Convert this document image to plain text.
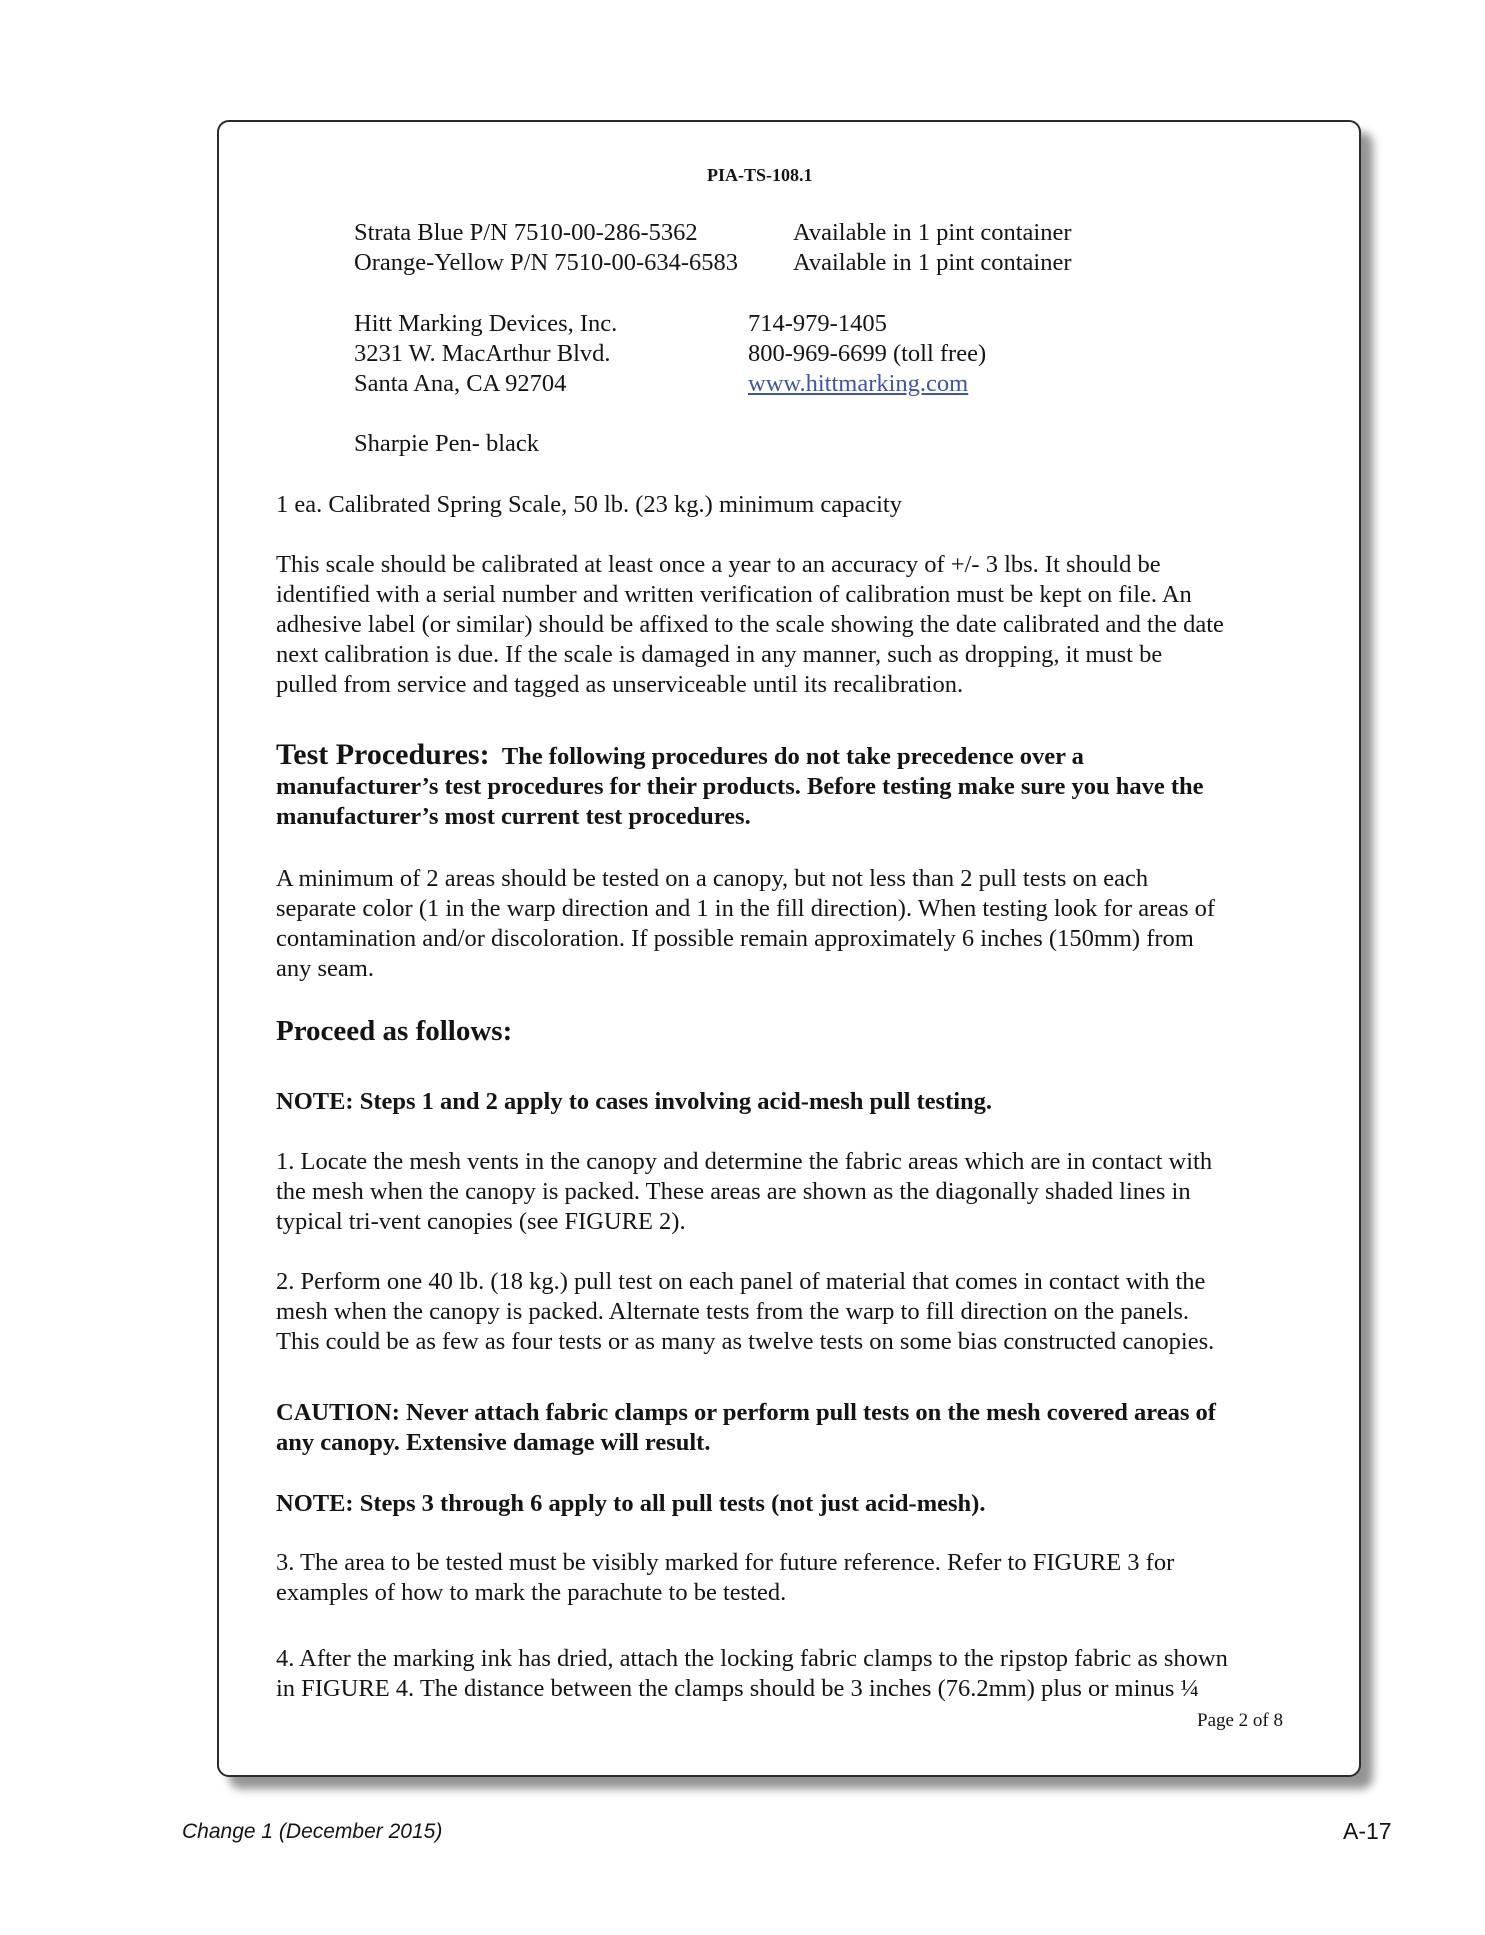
PIA-TS-108.1
Strata Blue P/N 7510-00-286-5362	Available in 1 pint container
Orange-Yellow P/N 7510-00-634-6583 Available in 1 pint container
Hitt Marking Devices, Inc.
3231 W. MacArthur Blvd.
Santa Ana, CA 92704
714-979-1405
800-969-6699 (toll free)
www.hittmarking.com
Sharpie Pen- black
1 ea. Calibrated Spring Scale, 50 lb. (23 kg.) minimum capacity

This scale should be calibrated at least once a year to an accuracy of +/- 3 lbs. It should be

identified with a serial number and written verification of calibration must be kept on file. An

adhesive label (or similar) should be affixed to the scale showing the date calibrated and the date

next calibration is due. If the scale is damaged in any manner, such as dropping, it must be

pulled from service and tagged as unserviceable until its recalibration.

Test Procedures: The following procedures do not take precedence over a

manufacturer’s test procedures for their products. Before testing make sure you have the

manufacturer’s most current test procedures.

A minimum of 2 areas should be tested on a canopy, but not less than 2 pull tests on each

separate color (1 in the warp direction and 1 in the fill direction). When testing look for areas of

contamination and/or discoloration. If possible remain approximately 6 inches (150mm) from

any seam.

Proceed as follows:
NOTE: Steps 1 and 2 apply to cases involving acid-mesh pull testing.

1. Locate the mesh vents in the canopy and determine the fabric areas which are in contact with

the mesh when the canopy is packed. These areas are shown as the diagonally shaded lines in

typical tri-vent canopies (see FIGURE 2).

2. Perform one 40 lb. (18 kg.) pull test on each panel of material that comes in contact with the

mesh when the canopy is packed. Alternate tests from the warp to fill direction on the panels.

This could be as few as four tests or as many as twelve tests on some bias constructed canopies.

CAUTION: Never attach fabric clamps or perform pull tests on the mesh covered areas of

any canopy. Extensive damage will result.

NOTE: Steps 3 through 6 apply to all pull tests (not just acid-mesh).

3. The area to be tested must be visibly marked for future reference. Refer to FIGURE 3 for

examples of how to mark the parachute to be tested.

4. After the marking ink has dried, attach the locking fabric clamps to the ripstop fabric as shown

in FIGURE 4. The distance between the clamps should be 3 inches (76.2mm) plus or minus ¼

Page 2 of 8
Change 1 (December 2015)	A-17
